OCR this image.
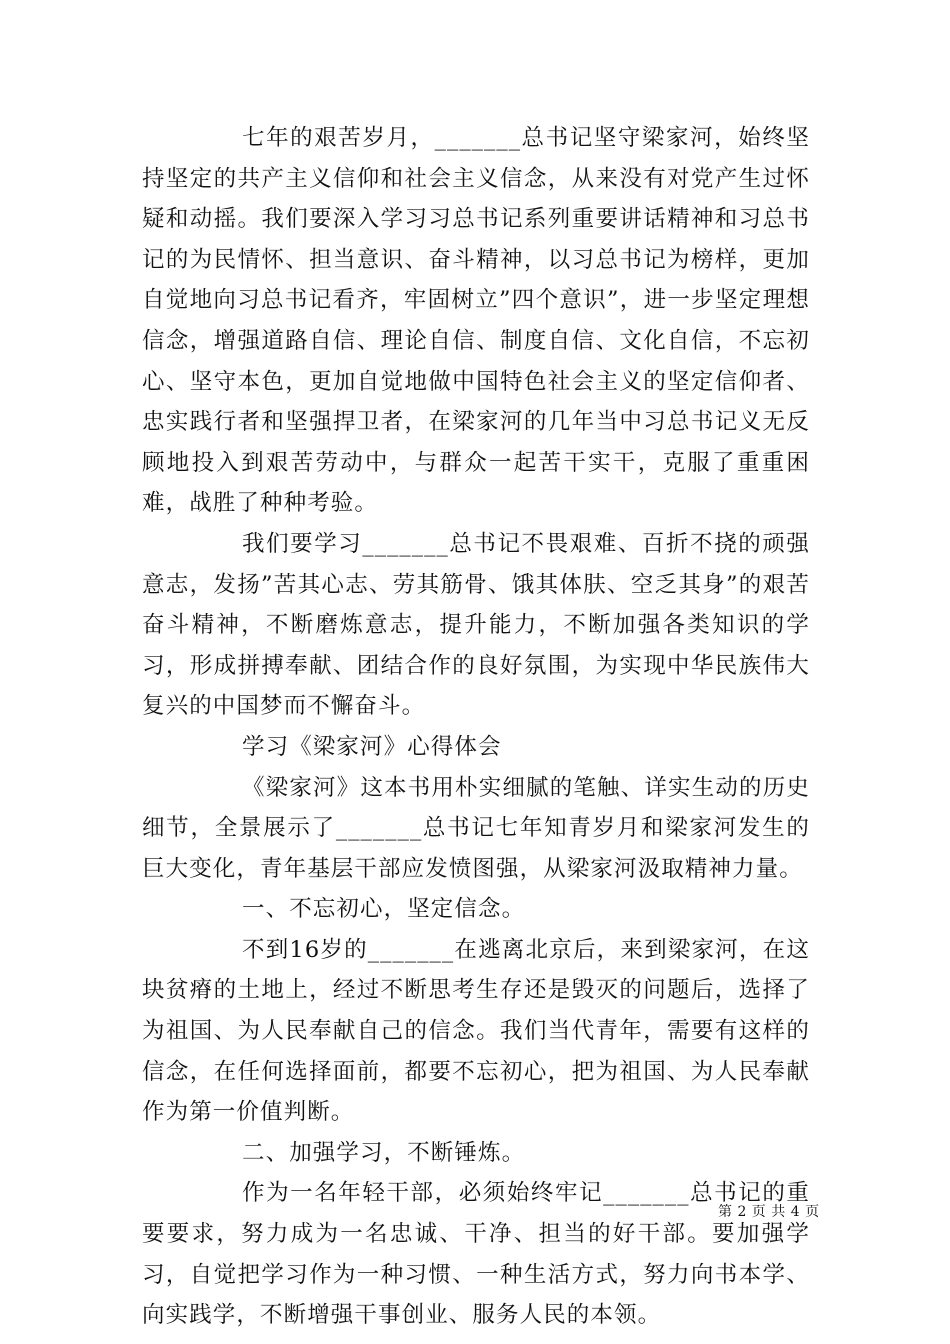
七年的艰苦岁月，_______总书记坚守梁家河，始终坚持坚定的共产主义信仰和社会主义信念，从来没有对党产生过怀疑和动摇。我们要深入学习习总书记系列重要讲话精神和习总书记的为民情怀、担当意识、奋斗精神，以习总书记为榜样，更加自觉地向习总书记看齐，牢固树立”四个意识”，进一步坚定理想信念，增强道路自信、理论自信、制度自信、文化自信，不忘初心、坚守本色，更加自觉地做中国特色社会主义的坚定信仰者、忠实践行者和坚强捍卫者，在梁家河的几年当中习总书记义无反顾地投入到艰苦劳动中，与群众一起苦干实干，克服了重重困难，战胜了种种考验。

我们要学习_______总书记不畏艰难、百折不挠的顽强意志，发扬”苦其心志、劳其筋骨、饿其体肤、空乏其身”的艰苦奋斗精神，不断磨炼意志，提升能力，不断加强各类知识的学习，形成拼搏奉献、团结合作的良好氛围，为实现中华民族伟大复兴的中国梦而不懈奋斗。

学习《梁家河》心得体会

《梁家河》这本书用朴实细腻的笔触、详实生动的历史细节，全景展示了_______总书记七年知青岁月和梁家河发生的巨大变化，青年基层干部应发愤图强，从梁家河汲取精神力量。

一、不忘初心，坚定信念。

不到16岁的_______在逃离北京后，来到梁家河，在这块贫瘠的土地上，经过不断思考生存还是毁灭的问题后，选择了为祖国、为人民奉献自己的信念。我们当代青年，需要有这样的信念，在任何选择面前，都要不忘初心，把为祖国、为人民奉献作为第一价值判断。

二、加强学习，不断锤炼。

作为一名年轻干部，必须始终牢记_______总书记的重要要求，努力成为一名忠诚、干净、担当的好干部。要加强学习，自觉把学习作为一种习惯、一种生活方式，努力向书本学、向实践学，不断增强干事创业、服务人民的本领。

第 2 页 共 4 页
